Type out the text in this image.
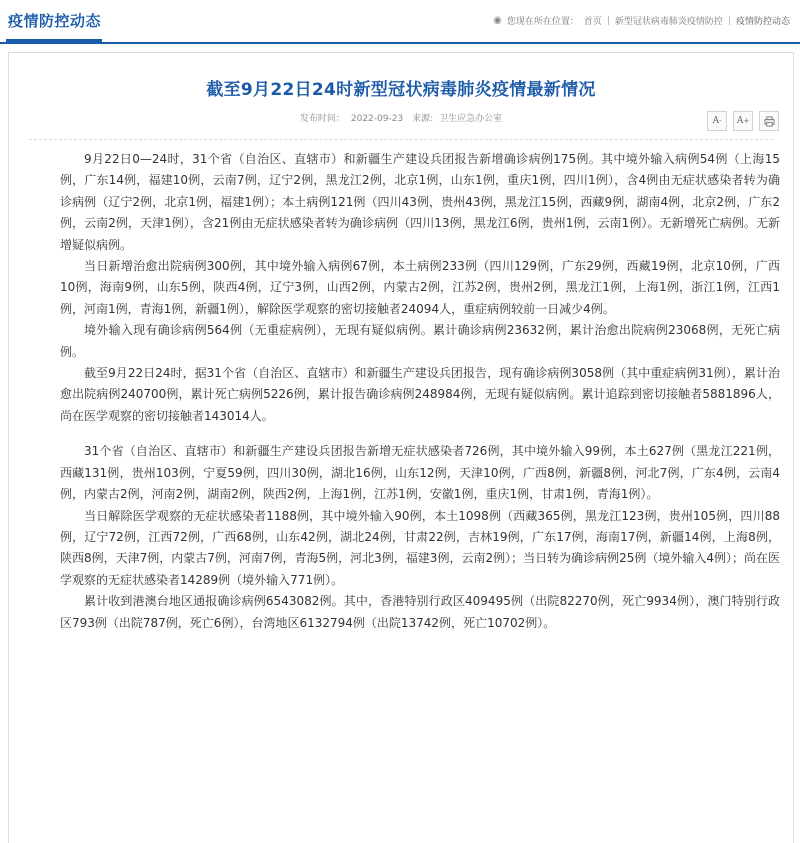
疫情防控动态	◉ 您现在所在位置： 首页 | 新型冠状病毒肺炎疫情防控 | 疫情防控动态
截至9月22日24时新型冠状病毒肺炎疫情最新情况
发布时间： 2022-09-23 来源: 卫生应急办公室	A - A +

9月22日0—24时，31个省（自治区、直辖市）和新疆生产建设兵团报告新增确诊病例175例。其中境外输入病例54例（上海15例，广东14例，福建10例，云南7例，辽宁2例，黑龙江2例，北京1例，山东1例，重庆1例，四川1例），含4例由无症状感染者转为确诊病例（辽宁2例，北京1例，福建1例）；本土病例121例（四川43例，贵州43例，黑龙江15例，西藏9例，湖南4例，北京2例，广东2例，云南2例，天津1例），含21例由无症状感染者转为确诊病例（四川13例，黑龙江6例，贵州1例，云南1例）。无新增死亡病例。无新增疑似病例。

当日新增治愈出院病例300例，其中境外输入病例67例，本土病例233例（四川129例，广东29例，西藏19例，北京10例，广西10例，海南9例，山东5例，陕西4例，辽宁3例，山西2例，内蒙古2例，江苏2例，贵州2例，黑龙江1例，上海1例，浙江1例，江西1例，河南1例，青海1例，新疆1例），解除医学观察的密切接触者24094人，重症病例较前一日减少4例。

境外输入现有确诊病例564例（无重症病例），无现有疑似病例。累计确诊病例23632例，累计治愈出院病例23068例，无死亡病例。

截至9月22日24时，据31个省（自治区、直辖市）和新疆生产建设兵团报告，现有确诊病例3058例（其中重症病例31例），累计治愈出院病例240700例，累计死亡病例5226例，累计报告确诊病例248984例，无现有疑似病例。累计追踪到密切接触者5881896人，尚在医学观察的密切接触者143014人。

31个省（自治区、直辖市）和新疆生产建设兵团报告新增无症状感染者726例，其中境外输入99例，本土627例（黑龙江221例，西藏131例，贵州103例，宁夏59例，四川30例，湖北16例，山东12例，天津10例，广西8例，新疆8例，河北7例，广东4例，云南4例，内蒙古2例，河南2例，湖南2例，陕西2例，上海1例，江苏1例，安徽1例，重庆1例，甘肃1例，青海1例）。

当日解除医学观察的无症状感染者1188例，其中境外输入90例，本土1098例（西藏365例，黑龙江123例，贵州105例，四川88例，辽宁72例，江西72例，广西68例，山东42例，湖北24例，甘肃22例，吉林19例，广东17例，海南17例，新疆14例，上海8例，陕西8例，天津7例，内蒙古7例，河南7例，青海5例，河北3例，福建3例，云南2例）；当日转为确诊病例25例（境外输入4例）；尚在医学观察的无症状感染者14289例（境外输入771例）。

累计收到港澳台地区通报确诊病例6543082例。其中，香港特别行政区409495例（出院82270例，死亡9934例），澳门特别行政区793例（出院787例，死亡6例），台湾地区6132794例（出院13742例，死亡10702例）。
